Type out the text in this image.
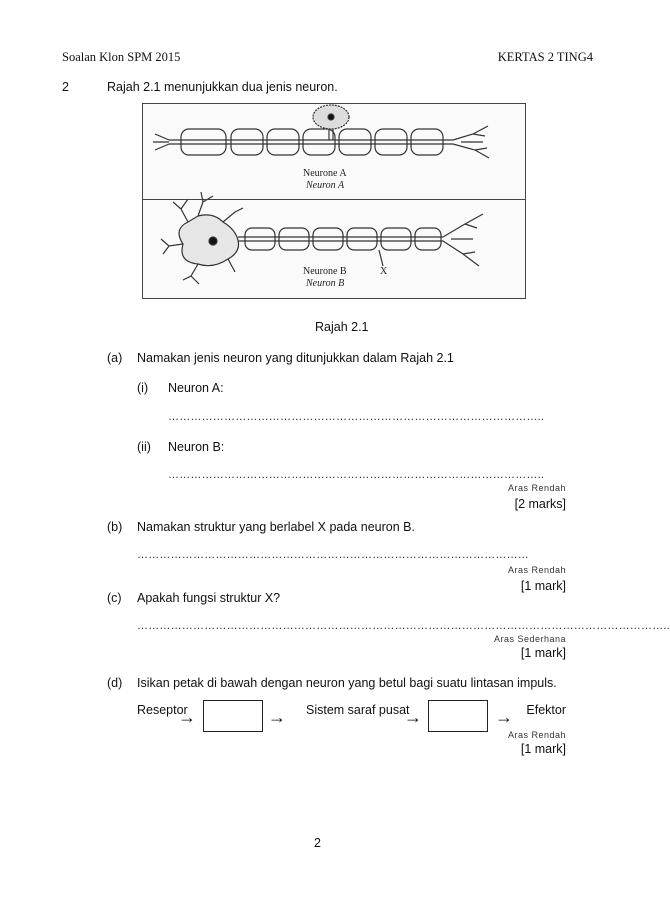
Soalan Klon SPM 2015	KERTAS 2 TING4
2	Rajah 2.1 menunjukkan dua jenis neuron.
Neurone A
Neuron A
Neurone B
Neuron B
X
Rajah 2.1
(a) Namakan jenis neuron yang ditunjukkan dalam Rajah 2.1
(i) Neuron A:
………………………………………………………………………………………..
(ii) Neuron B:
………………………………………………………………………………………..
Aras Rendah
[2 marks]
(b) Namakan struktur yang berlabel X pada neuron B.
……………………………………………………………………………………………
Aras Rendah
[1 mark]
(c) Apakah fungsi struktur X?
……………………………………………………………………………………………………………………………..
Aras Sederhana
[1 mark]
(d) Isikan petak di bawah dengan neuron yang betul bagi suatu lintasan impuls.
Reseptor
→	→ Sistem saraf pusat
→	→ Efektor
Aras Rendah
[1 mark]
2
